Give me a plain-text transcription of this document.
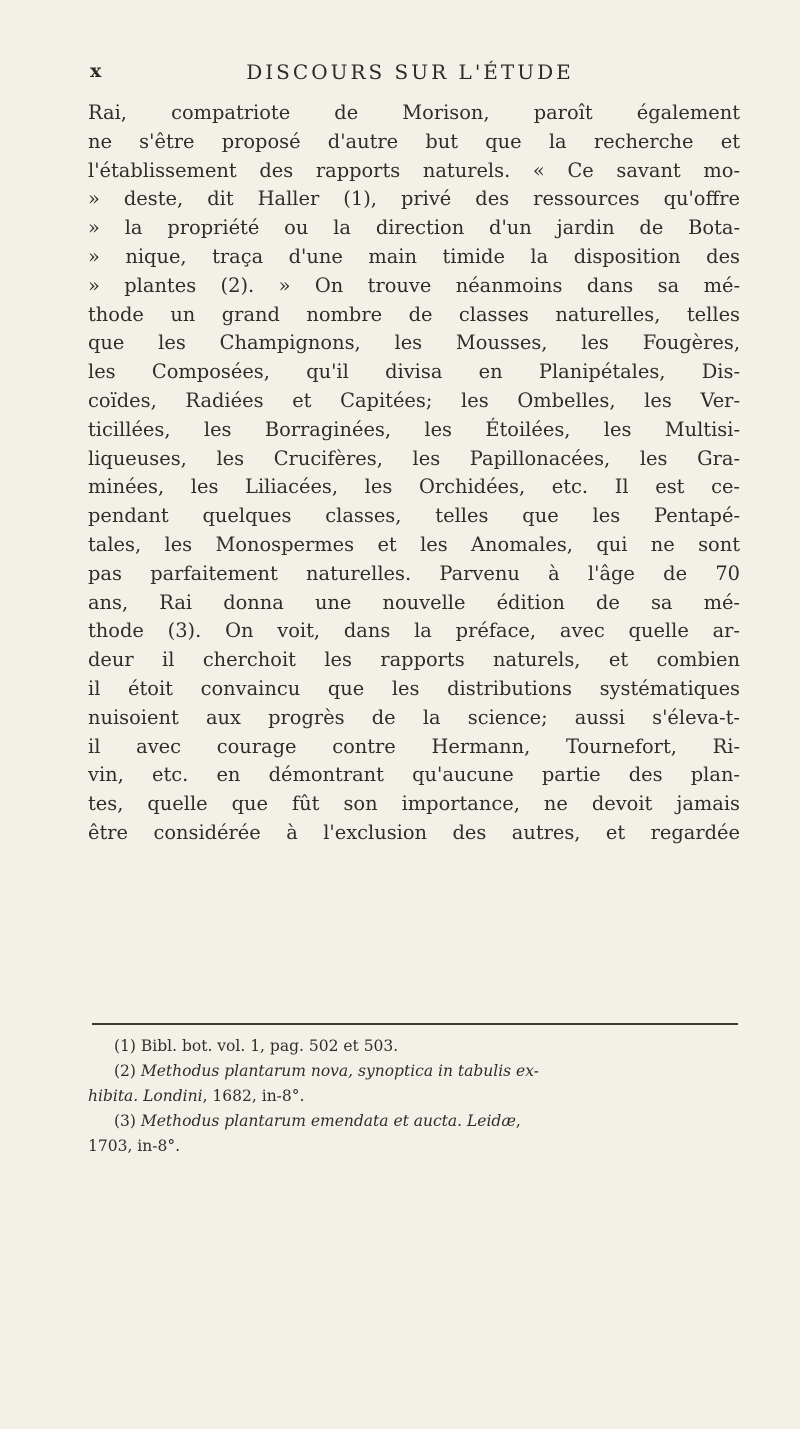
x	DISCOURS SUR L'ÉTUDE
Rai, compatriote de Morison, paroît également
ne s'être proposé d'autre but que la recherche et
l'établissement des rapports naturels. « Ce savant mo-
» deste, dit Haller (1), privé des ressources qu'offre
» la propriété ou la direction d'un jardin de Bota-
» nique, traça d'une main timide la disposition des
» plantes (2). » On trouve néanmoins dans sa mé-
thode un grand nombre de classes naturelles, telles
que les Champignons, les Mousses, les Fougères,
les Composées, qu'il divisa en Planipétales, Dis-
coïdes, Radiées et Capitées; les Ombelles, les Ver-
ticillées, les Borraginées, les Étoilées, les Multisi-
liqueuses, les Crucifères, les Papillonacées, les Gra-
minées, les Liliacées, les Orchidées, etc. Il est ce-
pendant quelques classes, telles que les Pentapé-
tales, les Monospermes et les Anomales, qui ne sont
pas parfaitement naturelles. Parvenu à l'âge de 70
ans, Rai donna une nouvelle édition de sa mé-
thode (3). On voit, dans la préface, avec quelle ar-
deur il cherchoit les rapports naturels, et combien
il étoit convaincu que les distributions systématiques
nuisoient aux progrès de la science; aussi s'éleva-t-
il avec courage contre Hermann, Tournefort, Ri-
vin, etc. en démontrant qu'aucune partie des plan-
tes, quelle que fût son importance, ne devoit jamais
être considérée à l'exclusion des autres, et regardée
(1) Bibl. bot. vol. 1, pag. 502 et 503.
(2) Methodus plantarum nova, synoptica in tabulis ex-
hibita. Londini, 1682, in-8°.
(3) Methodus plantarum emendata et aucta. Leidæ,
1703, in-8°.
